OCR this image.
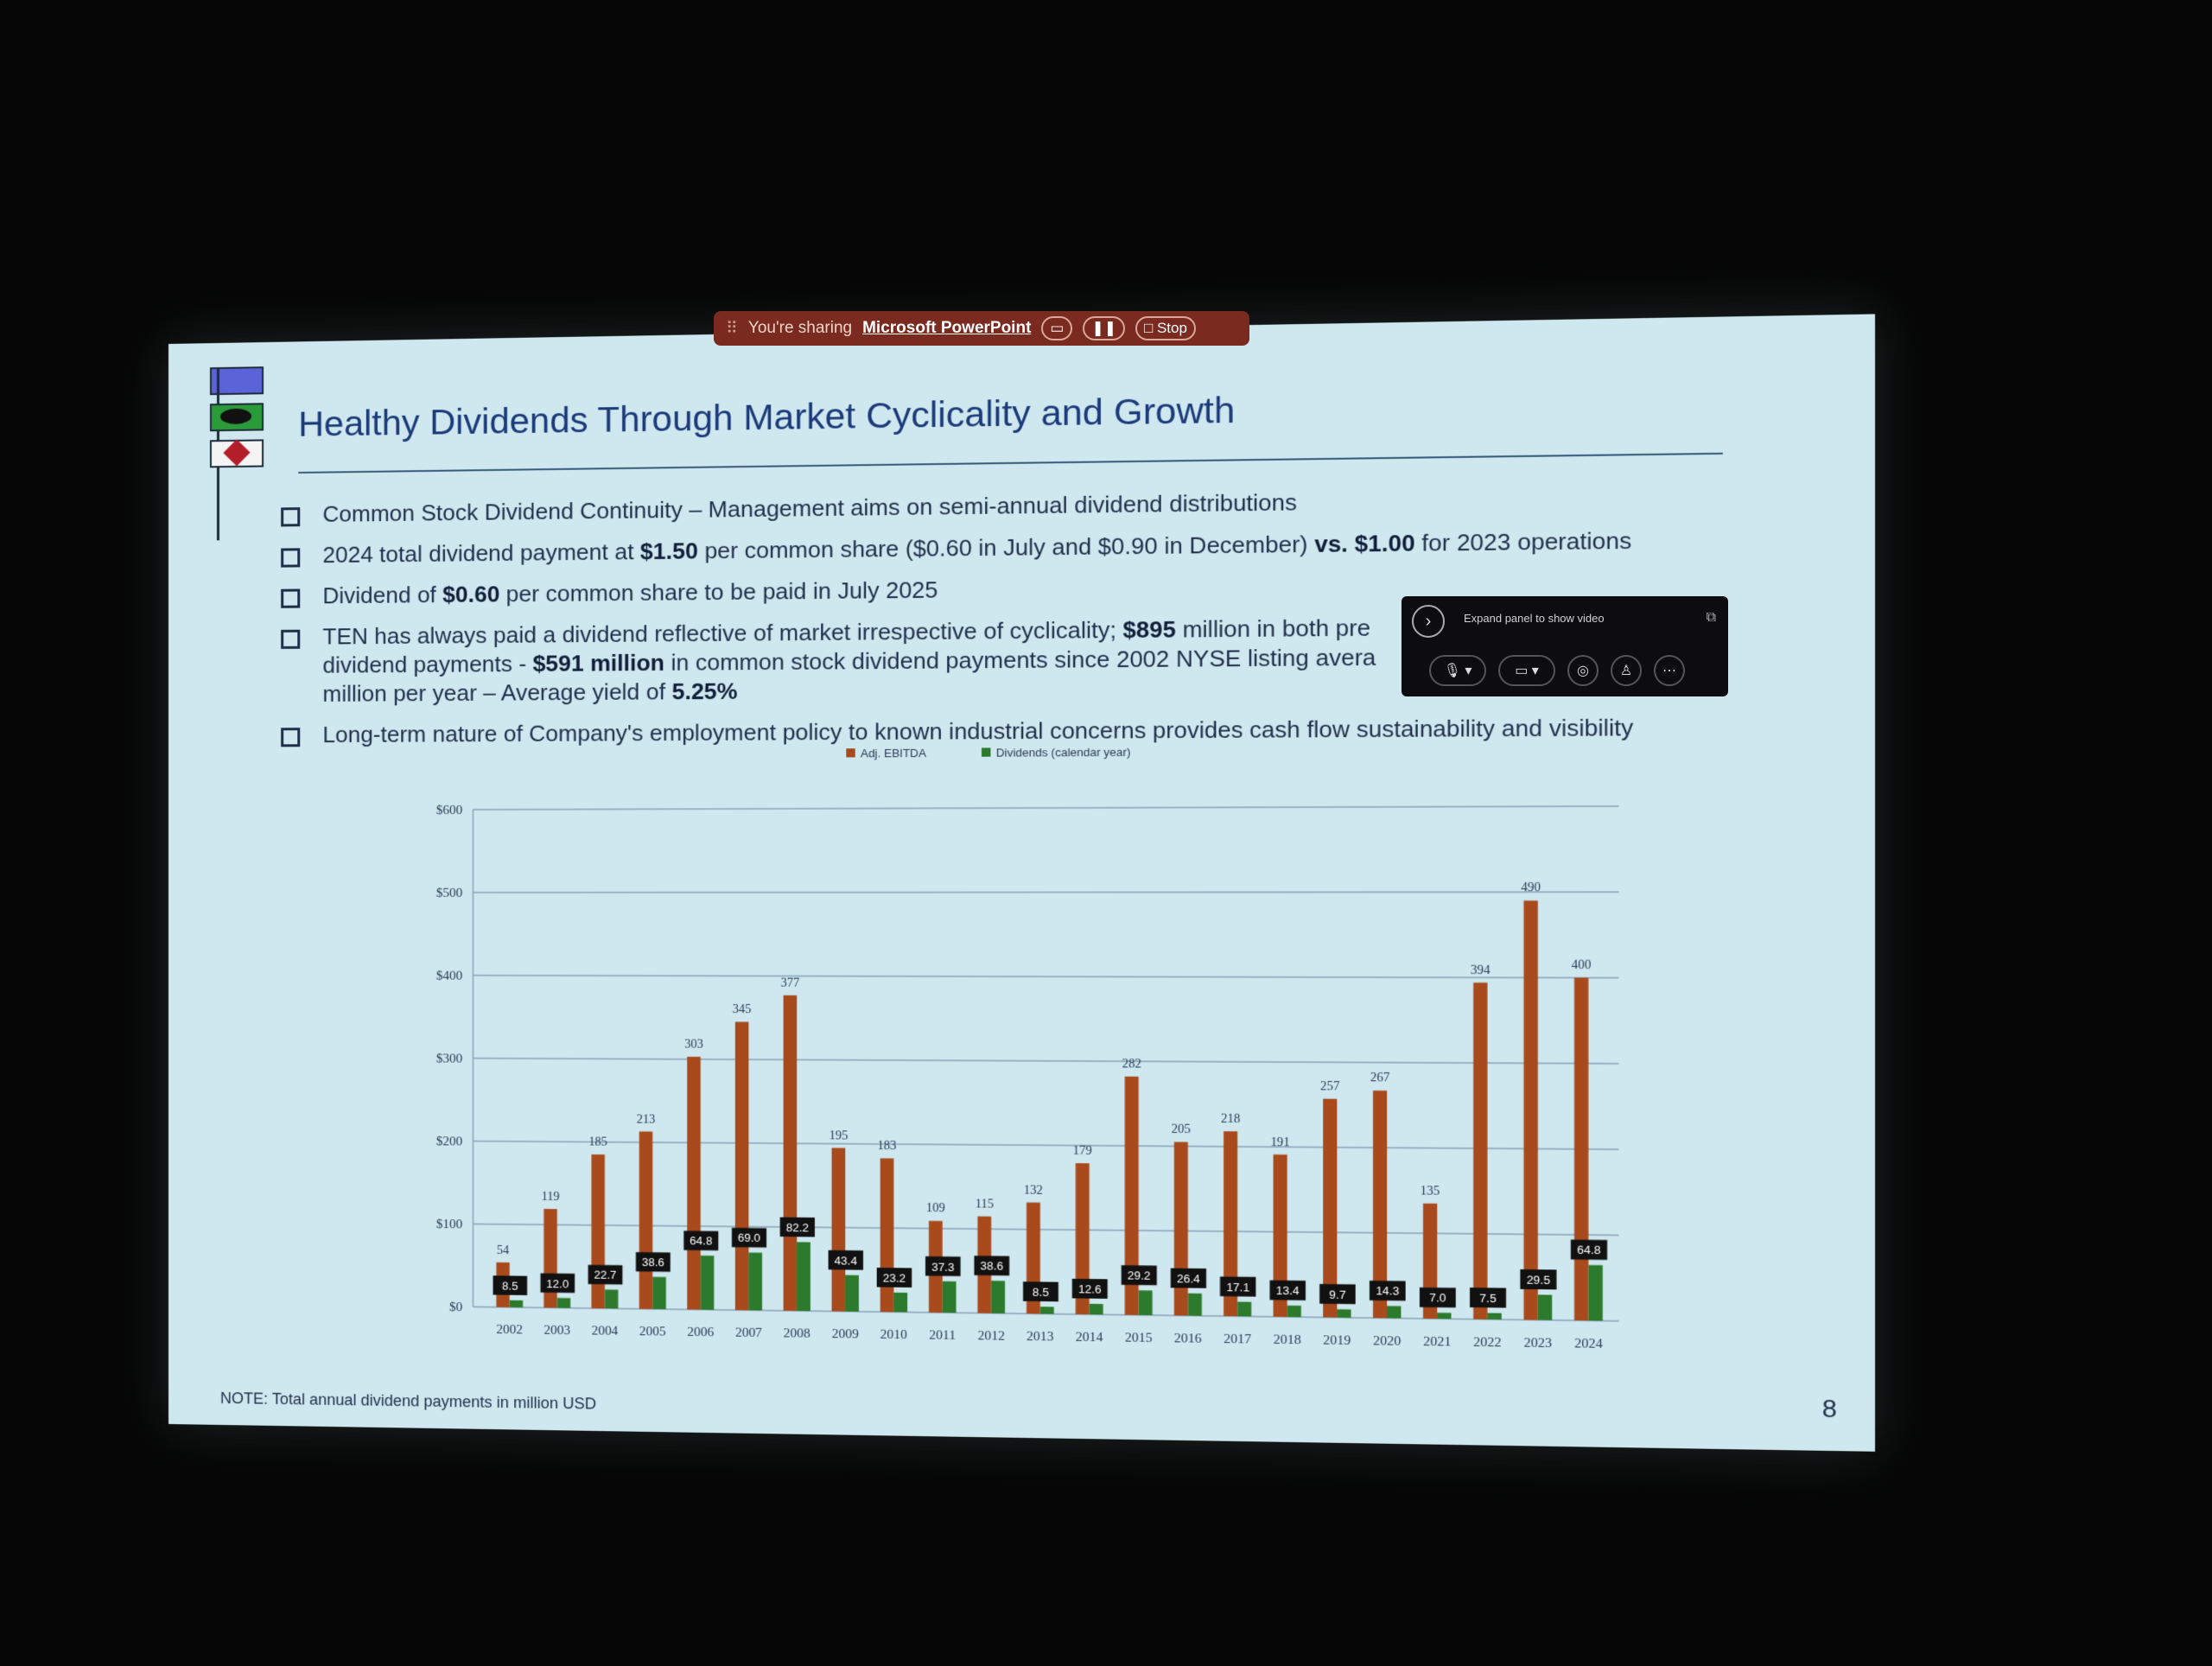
Healthy Dividends Through Market Cyclicality and Growth
Common Stock Dividend Continuity – Management aims on semi-annual dividend distributions
2024 total dividend payment at $1.50 per common share ($0.60 in July and $0.90 in December) vs. $1.00 for 2023 operations
Dividend of $0.60 per common share to be paid in July 2025
TEN has always paid a dividend reflective of market irrespective of cyclicality; $895 million in both pre
dividend payments - $591 million in common stock dividend payments since 2002 NYSE listing avera
million per year – Average yield of 5.25%
Long-term nature of Company's employment policy to known industrial concerns provides cash flow sustainability and visibility
Adj. EBITDA	Dividends (calendar year)
$0
$100
$200
$300
$400
$500
$600
54
8.5
2002
119
12.0
2003
185
22.7
2004
213
38.6
2005
303
64.8
2006
345
69.0
2007
377
82.2
2008
195
43.4
2009
183
23.2
2010
109
37.3
2011
115
38.6
2012
132
8.5
2013
179
12.6
2014
282
29.2
2015
205
26.4
2016
218
17.1
2017
191
13.4
2018
257
9.7
2019
267
14.3
2020
135
7.0
2021
394
7.5
2022
490
29.5
2023
400
64.8
2024
NOTE: Total annual dividend payments in million USD	8
⠿ You're sharing Microsoft PowerPoint ▭ ❚❚ □ Stop
›	Expand panel to show video	⧉
🎙︎ ▾	▭ ▾	◎ ♙ ⋯
